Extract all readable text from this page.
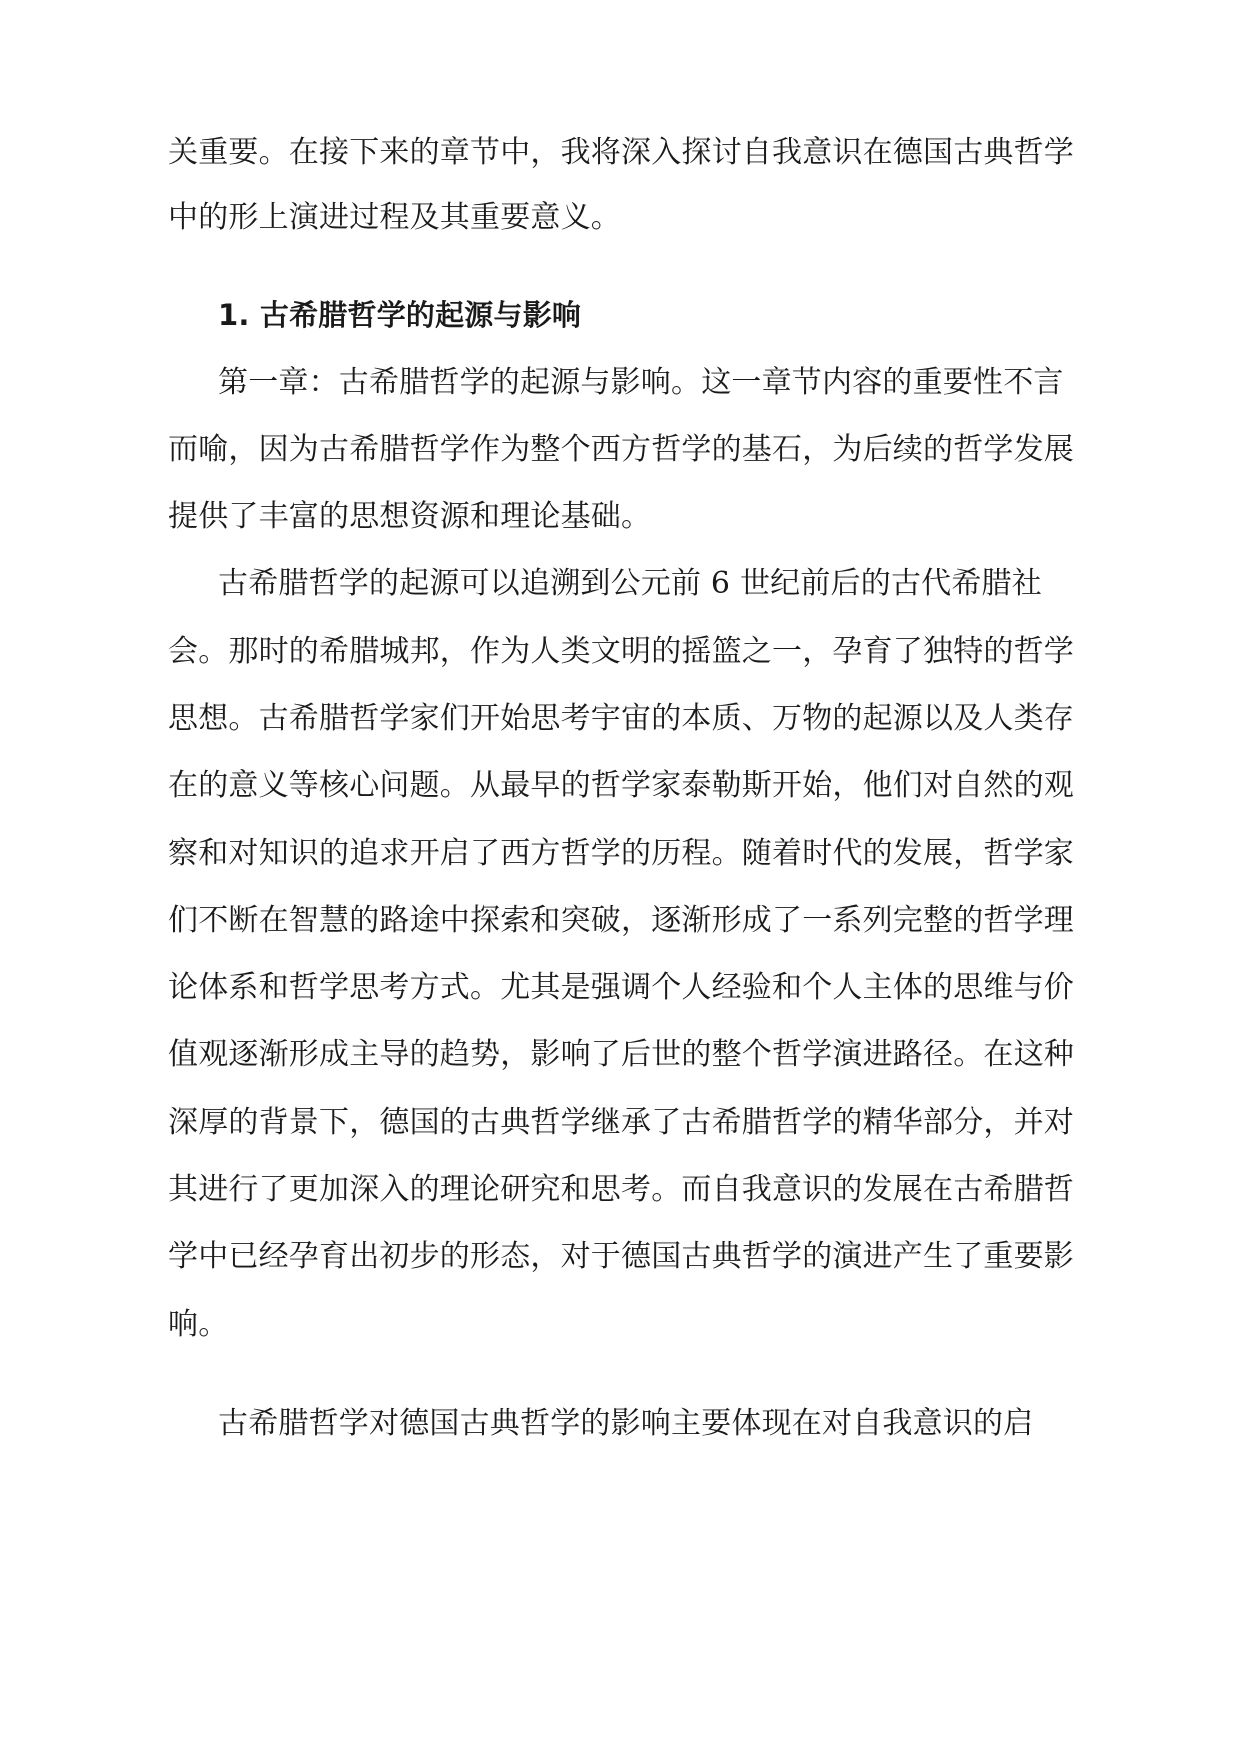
关重要。在接下来的章节中，我将深入探讨自我意识在德国古典哲学
中的形上演进过程及其重要意义。
1. 古希腊哲学的起源与影响
第一章：古希腊哲学的起源与影响。这一章节内容的重要性不言
而喻，因为古希腊哲学作为整个西方哲学的基石，为后续的哲学发展
提供了丰富的思想资源和理论基础。
古希腊哲学的起源可以追溯到公元前 6 世纪前后的古代希腊社
会。那时的希腊城邦，作为人类文明的摇篮之一，孕育了独特的哲学
思想。古希腊哲学家们开始思考宇宙的本质、万物的起源以及人类存
在的意义等核心问题。从最早的哲学家泰勒斯开始，他们对自然的观
察和对知识的追求开启了西方哲学的历程。随着时代的发展，哲学家
们不断在智慧的路途中探索和突破，逐渐形成了一系列完整的哲学理
论体系和哲学思考方式。尤其是强调个人经验和个人主体的思维与价
值观逐渐形成主导的趋势，影响了后世的整个哲学演进路径。在这种
深厚的背景下，德国的古典哲学继承了古希腊哲学的精华部分，并对
其进行了更加深入的理论研究和思考。而自我意识的发展在古希腊哲
学中已经孕育出初步的形态，对于德国古典哲学的演进产生了重要影
响。
古希腊哲学对德国古典哲学的影响主要体现在对自我意识的启
